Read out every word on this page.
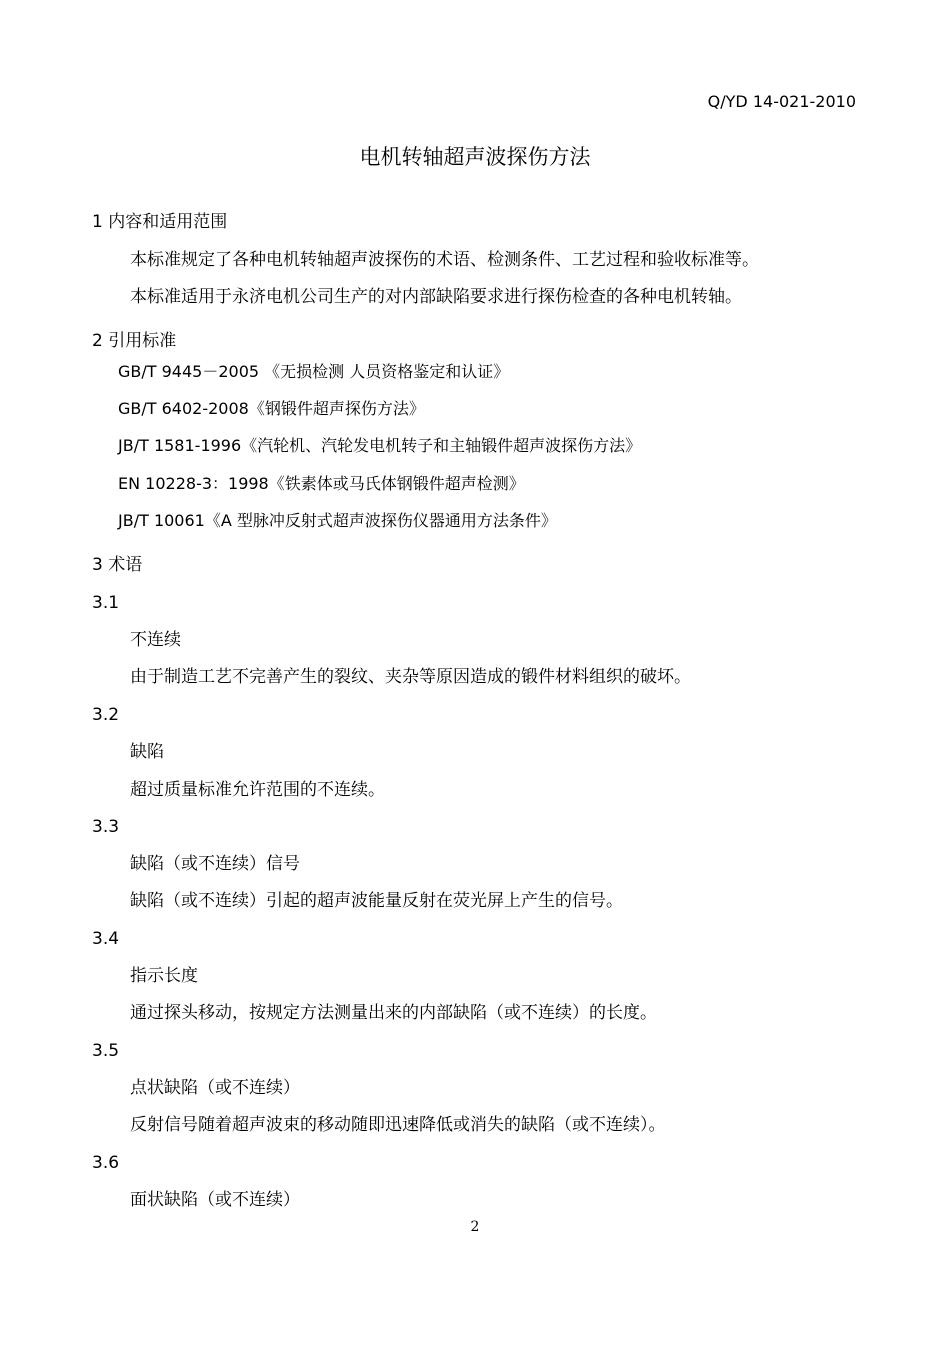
Q/YD 14-021-2010
电机转轴超声波探伤方法
1 内容和适用范围
本标准规定了各种电机转轴超声波探伤的术语、检测条件、工艺过程和验收标准等。
本标准适用于永济电机公司生产的对内部缺陷要求进行探伤检查的各种电机转轴。
2 引用标准
GB/T 9445－2005 《无损检测 人员资格鉴定和认证》
GB/T 6402-2008《钢锻件超声探伤方法》
JB/T 1581-1996《汽轮机、汽轮发电机转子和主轴锻件超声波探伤方法》
EN 10228-3：1998《铁素体或马氏体钢锻件超声检测》
JB/T 10061《A 型脉冲反射式超声波探伤仪器通用方法条件》
3 术语
3.1
不连续
由于制造工艺不完善产生的裂纹、夹杂等原因造成的锻件材料组织的破坏。
3.2
缺陷
超过质量标准允许范围的不连续。
3.3
缺陷（或不连续）信号
缺陷（或不连续）引起的超声波能量反射在荧光屏上产生的信号。
3.4
指示长度
通过探头移动，按规定方法测量出来的内部缺陷（或不连续）的长度。
3.5
点状缺陷（或不连续）
反射信号随着超声波束的移动随即迅速降低或消失的缺陷（或不连续）。
3.6
面状缺陷（或不连续）
2
